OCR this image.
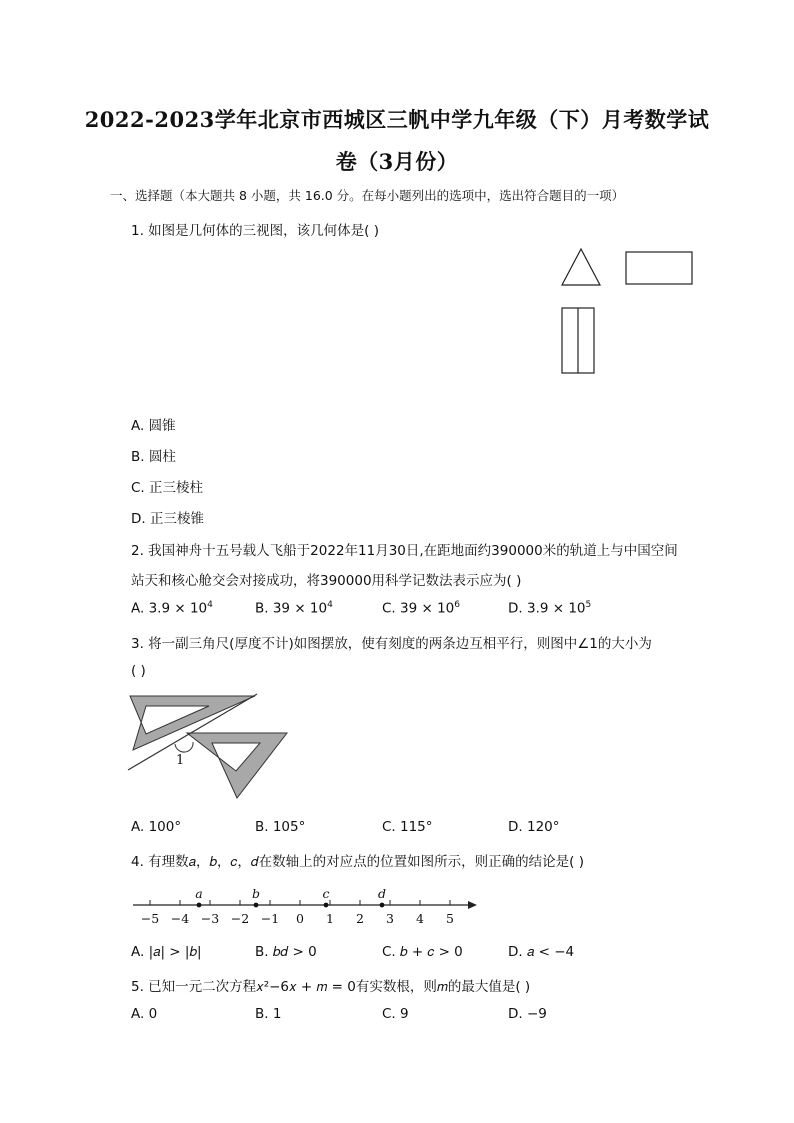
2022-2023学年北京市西城区三帆中学九年级（下）月考数学试
卷（3月份）
一、选择题（本大题共 8 小题，共 16.0 分。在每小题列出的选项中，选出符合题目的一项）
1. 如图是几何体的三视图，该几何体是( )
A. 圆锥
B. 圆柱
C. 正三棱柱
D. 正三棱锥
2. 我国神舟十五号载人飞船于2022年11月30日,在距地面约390000米的轨道上与中国空间
站天和核心舱交会对接成功，将390000用科学记数法表示应为( )
A. $3.9 \times 10^4$	B. $39 \times 10^4$	C. $39 \times 10^6$	D. $3.9 \times 10^5$
3. 将一副三角尺(厚度不计)如图摆放，使有刻度的两条边互相平行，则图中∠1的大小为
( )
1
A. 100°	B. 105°	C. 115°	D. 120°
4. 有理数𝑎，𝑏，𝑐，𝑑在数轴上的对应点的位置如图所示，则正确的结论是( )
−5 −4 −3 −2 −1 0 1 2 3 4 5
a	b	c	d
A. |𝑎| > |𝑏|	B. 𝑏𝑑 > 0	C. 𝑏 + 𝑐 > 0	D. 𝑎 < −4
5. 已知一元二次方程𝑥²−6𝑥 + 𝑚 = 0有实数根，则𝑚的最大值是( )
A. 0	B. 1	C. 9	D. −9
